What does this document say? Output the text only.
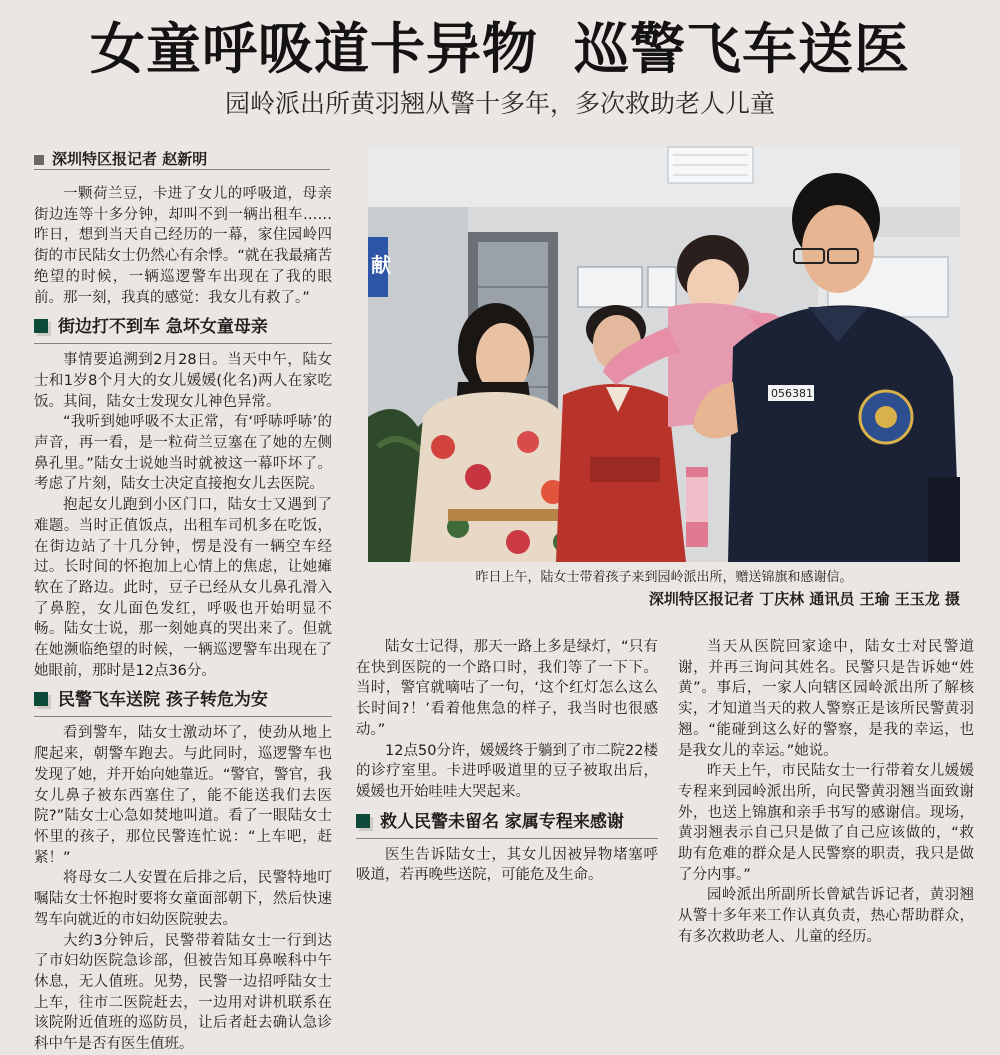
女童呼吸道卡异物 巡警飞车送医
园岭派出所黄羽翘从警十多年，多次救助老人儿童
深圳特区报记者 赵新明

一颗荷兰豆，卡进了女儿的呼吸道，母亲街边连等十多分钟，却叫不到一辆出租车……昨日，想到当天自己经历的一幕，家住园岭四街的市民陆女士仍然心有余悸。“就在我最痛苦绝望的时候，一辆巡逻警车出现在了我的眼前。那一刻，我真的感觉：我女儿有救了。”

街边打不到车 急坏女童母亲

事情要追溯到2月28日。当天中午，陆女士和1岁8个月大的女儿媛媛(化名)两人在家吃饭。其间，陆女士发现女儿神色异常。

“我听到她呼吸不太正常，有‘呼哧呼哧’的声音，再一看，是一粒荷兰豆塞在了她的左侧鼻孔里。”陆女士说她当时就被这一幕吓坏了。考虑了片刻，陆女士决定直接抱女儿去医院。

抱起女儿跑到小区门口，陆女士又遇到了难题。当时正值饭点，出租车司机多在吃饭，在街边站了十几分钟，愣是没有一辆空车经过。长时间的怀抱加上心情上的焦虑，让她瘫软在了路边。此时，豆子已经从女儿鼻孔滑入了鼻腔，女儿面色发红，呼吸也开始明显不畅。陆女士说，那一刻她真的哭出来了。但就在她濒临绝望的时候，一辆巡逻警车出现在了她眼前，那时是12点36分。

民警飞车送院 孩子转危为安

看到警车，陆女士激动坏了，使劲从地上爬起来，朝警车跑去。与此同时，巡逻警车也发现了她，并开始向她靠近。“警官，警官，我女儿鼻子被东西塞住了，能不能送我们去医院?”陆女士心急如焚地叫道。看了一眼陆女士怀里的孩子，那位民警连忙说：“上车吧，赶紧！”

将母女二人安置在后排之后，民警特地叮嘱陆女士怀抱时要将女童面部朝下，然后快速驾车向就近的市妇幼医院驶去。

大约3分钟后，民警带着陆女士一行到达了市妇幼医院急诊部，但被告知耳鼻喉科中午休息，无人值班。见势，民警一边招呼陆女士上车，往市二医院赶去，一边用对讲机联系在该院附近值班的巡防员，让后者赶去确认急诊科中午是否有医生值班。

陆女士记得，那天一路上多是绿灯，“只有在快到医院的一个路口时，我们等了一下下。当时，警官就嘀咕了一句，‘这个红灯怎么这么长时间?！’看着他焦急的样子，我当时也很感动。”

12点50分许，媛媛终于躺到了市二院22楼的诊疗室里。卡进呼吸道里的豆子被取出后，媛媛也开始哇哇大哭起来。

救人民警未留名 家属专程来感谢

医生告诉陆女士，其女儿因被异物堵塞呼吸道，若再晚些送院，可能危及生命。

当天从医院回家途中，陆女士对民警道谢，并再三询问其姓名。民警只是告诉她“姓黄”。事后，一家人向辖区园岭派出所了解核实，才知道当天的救人警察正是该所民警黄羽翘。“能碰到这么好的警察，是我的幸运，也是我女儿的幸运。”她说。

昨天上午，市民陆女士一行带着女儿媛媛专程来到园岭派出所，向民警黄羽翘当面致谢外，也送上锦旗和亲手书写的感谢信。现场，黄羽翘表示自己只是做了自己应该做的，“救助有危难的群众是人民警察的职责，我只是做了分内事。”

园岭派出所副所长曾斌告诉记者，黄羽翘从警十多年来工作认真负责，热心帮助群众，有多次救助老人、儿童的经历。

献
056381
昨日上午，陆女士带着孩子来到园岭派出所，赠送锦旗和感谢信。
深圳特区报记者 丁庆林 通讯员 王瑜 王玉龙 摄
